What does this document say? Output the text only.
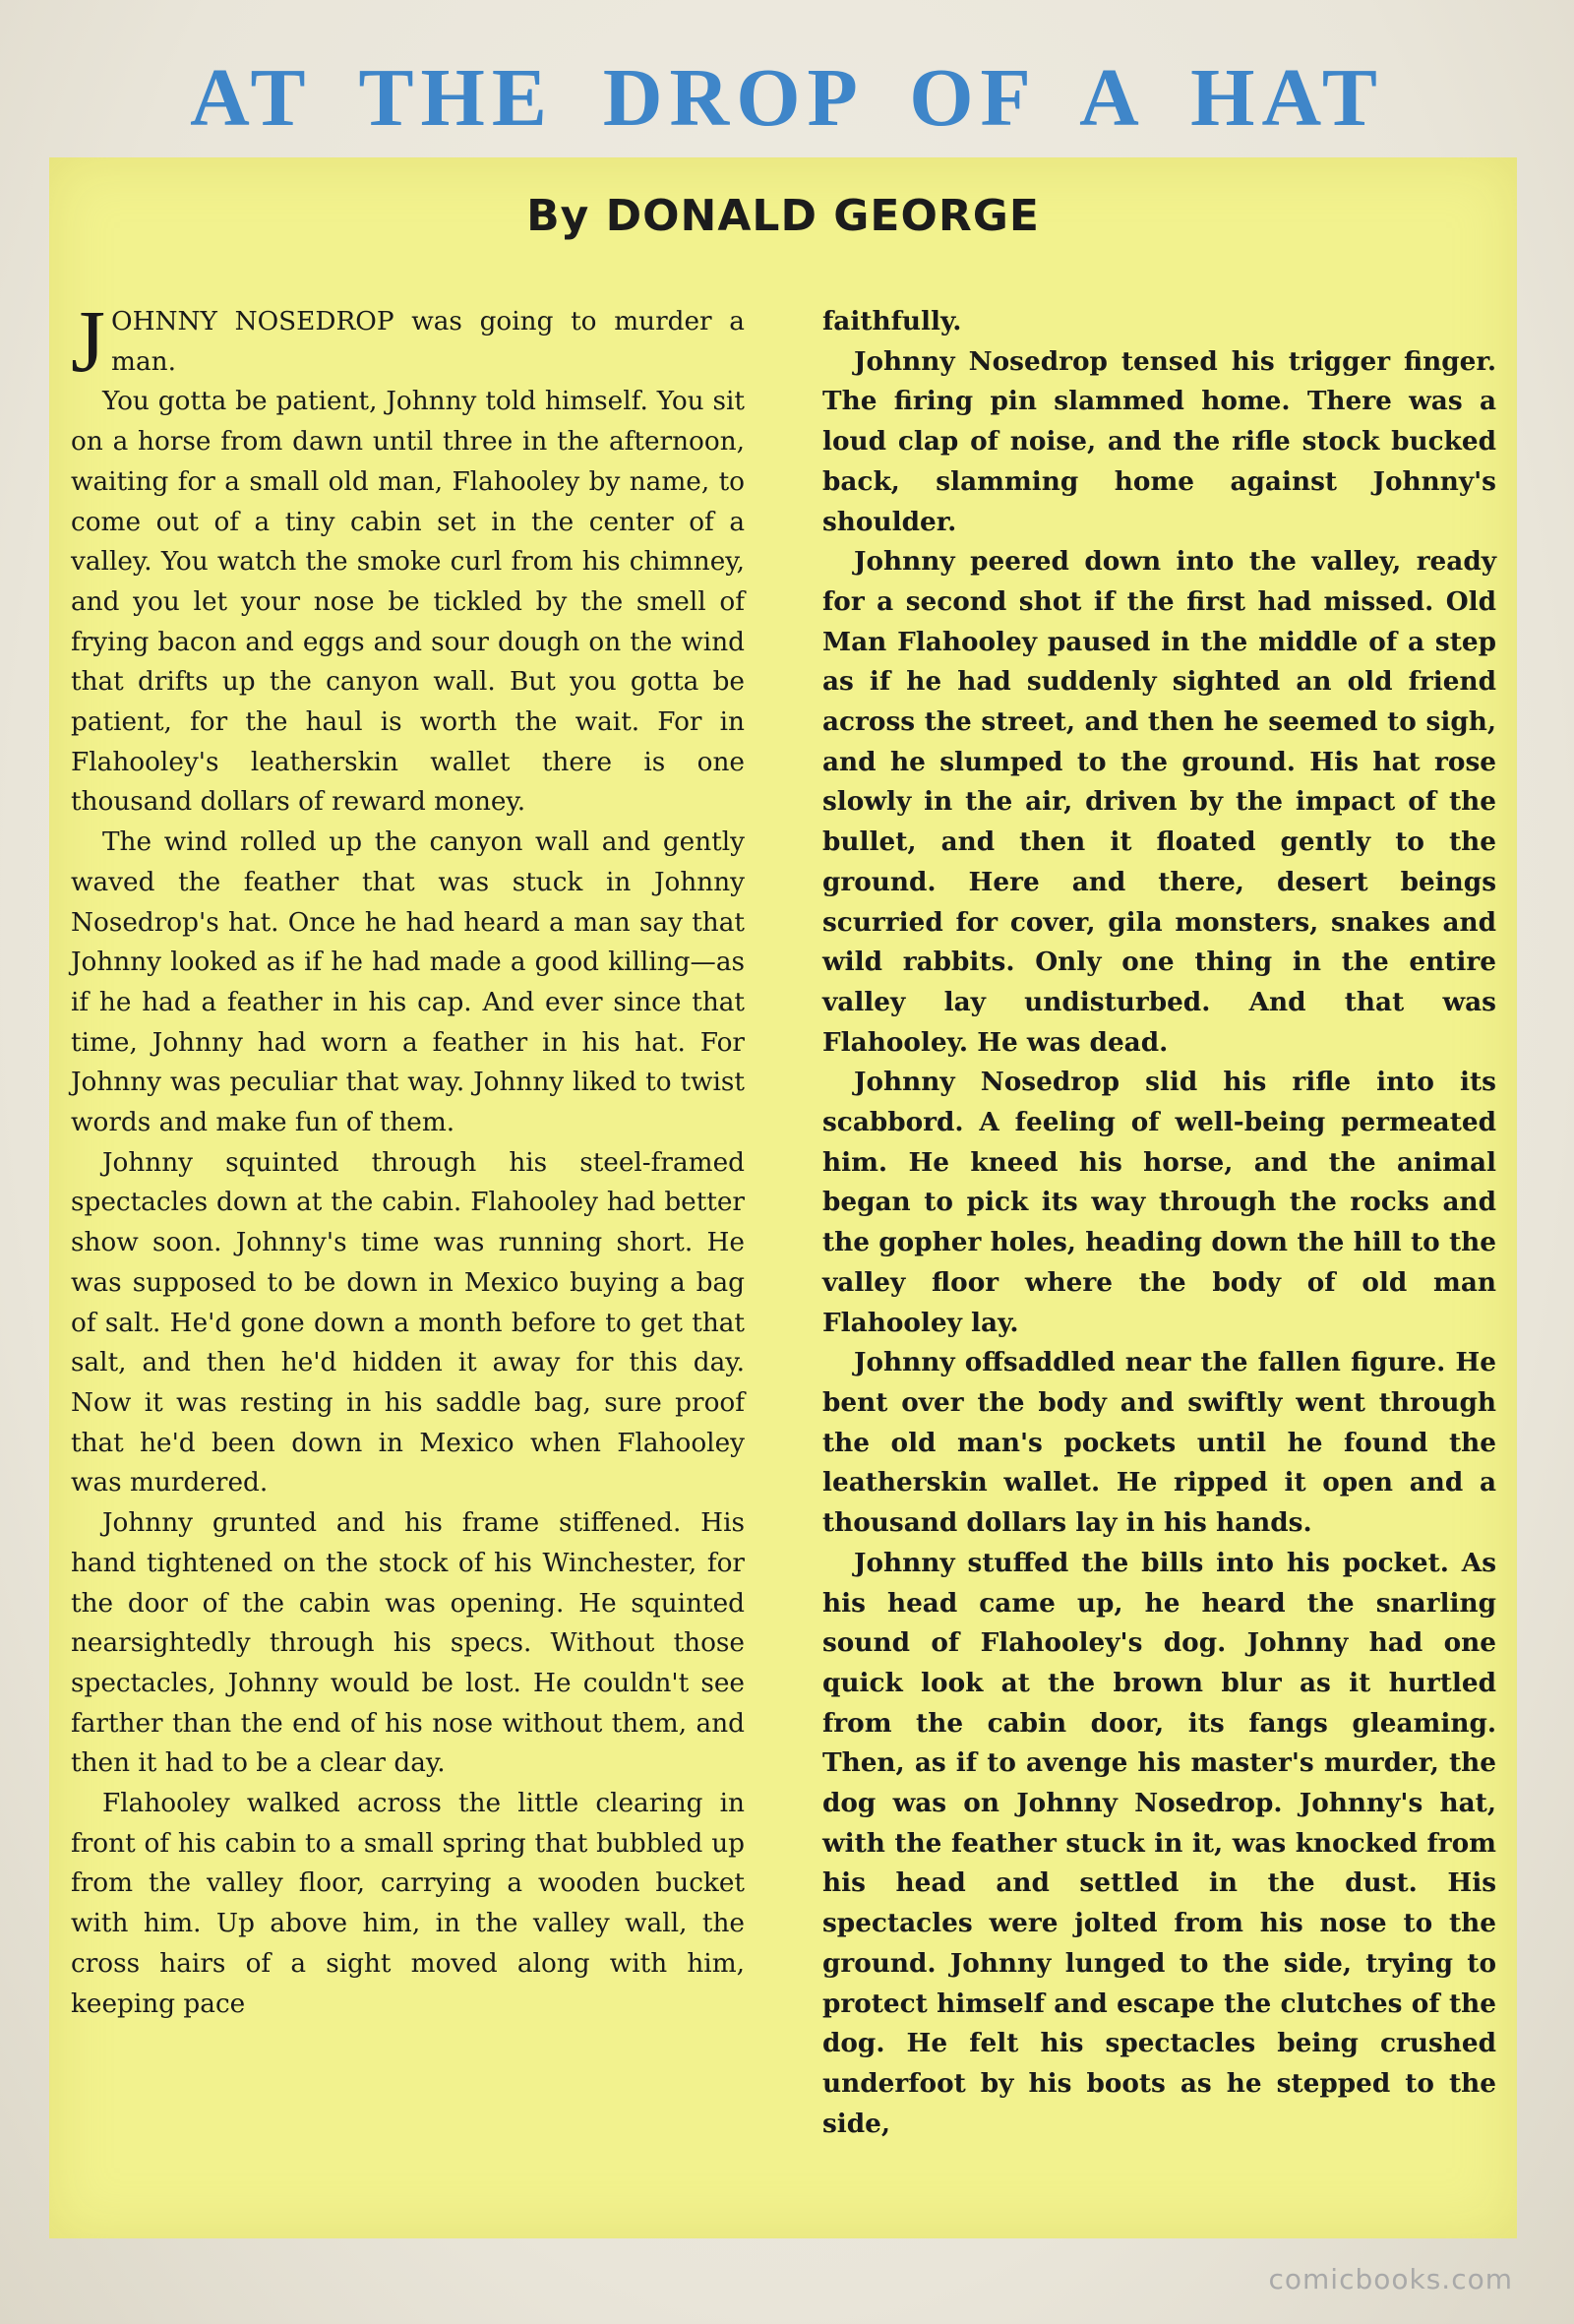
AT THE DROP OF A HAT
By DONALD GEORGE

JOHNNY NOSEDROP was going to murder a man.

You gotta be patient, Johnny told himself. You sit on a horse from dawn until three in the afternoon, waiting for a small old man, Flahooley by name, to come out of a tiny cabin set in the center of a valley. You watch the smoke curl from his chimney, and you let your nose be tickled by the smell of frying bacon and eggs and sour dough on the wind that drifts up the canyon wall. But you gotta be patient, for the haul is worth the wait. For in Flahooley's leatherskin wallet there is one thousand dollars of reward money.

The wind rolled up the canyon wall and gently waved the feather that was stuck in Johnny Nosedrop's hat. Once he had heard a man say that Johnny looked as if he had made a good killing—as if he had a feather in his cap. And ever since that time, Johnny had worn a feather in his hat. For Johnny was peculiar that way. Johnny liked to twist words and make fun of them.

Johnny squinted through his steel-framed spectacles down at the cabin. Flahooley had better show soon. Johnny's time was running short. He was supposed to be down in Mexico buying a bag of salt. He'd gone down a month before to get that salt, and then he'd hidden it away for this day. Now it was resting in his saddle bag, sure proof that he'd been down in Mexico when Flahooley was murdered.

Johnny grunted and his frame stiffened. His hand tightened on the stock of his Winchester, for the door of the cabin was opening. He squinted nearsightedly through his specs. Without those spectacles, Johnny would be lost. He couldn't see farther than the end of his nose without them, and then it had to be a clear day.

Flahooley walked across the little clearing in front of his cabin to a small spring that bubbled up from the valley floor, carrying a wooden bucket with him. Up above him, in the valley wall, the cross hairs of a sight moved along with him, keeping pace

faithfully.

Johnny Nosedrop tensed his trigger finger. The firing pin slammed home. There was a loud clap of noise, and the rifle stock bucked back, slamming home against Johnny's shoulder.

Johnny peered down into the valley, ready for a second shot if the first had missed. Old Man Flahooley paused in the middle of a step as if he had suddenly sighted an old friend across the street, and then he seemed to sigh, and he slumped to the ground. His hat rose slowly in the air, driven by the impact of the bullet, and then it floated gently to the ground. Here and there, desert beings scurried for cover, gila monsters, snakes and wild rabbits. Only one thing in the entire valley lay undisturbed. And that was Flahooley. He was dead.

Johnny Nosedrop slid his rifle into its scabbord. A feeling of well-being permeated him. He kneed his horse, and the animal began to pick its way through the rocks and the gopher holes, heading down the hill to the valley floor where the body of old man Flahooley lay.

Johnny offsaddled near the fallen figure. He bent over the body and swiftly went through the old man's pockets until he found the leatherskin wallet. He ripped it open and a thousand dollars lay in his hands.

Johnny stuffed the bills into his pocket. As his head came up, he heard the snarling sound of Flahooley's dog. Johnny had one quick look at the brown blur as it hurtled from the cabin door, its fangs gleaming. Then, as if to avenge his master's murder, the dog was on Johnny Nosedrop. Johnny's hat, with the feather stuck in it, was knocked from his head and settled in the dust. His spectacles were jolted from his nose to the ground. Johnny lunged to the side, trying to protect himself and escape the clutches of the dog. He felt his spectacles being crushed underfoot by his boots as he stepped to the side,

comicbooks.com
